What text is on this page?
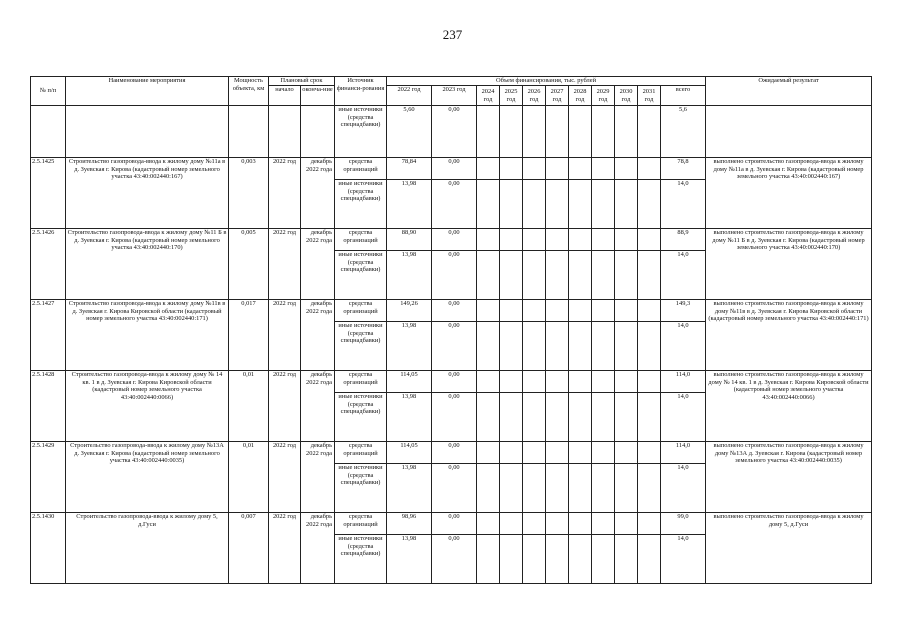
237
№ п/п	Наименование мероприятия	Мощность объекта, км	Плановый срок		Источник финанси-рования	Объем финансирования, тыс. рублей											Ожидаемый результат
			начало	оконча-ние		2022 год	2023 год	2024 год	2025 год	2026 год	2027 год	2028 год	2029 год	2030 год	2031 год	всего	
					иные источники (средства спецнадбавки)	5,60	0,00									5,6	
2.5.1425	Строительство газопровода-ввода к жилому дому №11а в д. Зуевская г. Кирова (кадастровый номер земельного участка 43:40:002440:167)	0,003	2022 год	декабрь 2022 года	средства организаций	78,84	0,00									78,8	выполнено строительство газопровода-ввода к жилому дому №11а в д. Зуевская г. Кирова (кадастровый номер земельного участка 43:40:002440:167)
					иные источники (средства спецнадбавки)	13,98	0,00									14,0	
2.5.1426	Строительство газопровода-ввода к жилому дому №11 Б в д. Зуевская г. Кирова (кадастровый номер земельного участка 43:40:002440:170)	0,005	2022 год	декабрь 2022 года	средства организаций	88,90	0,00									88,9	выполнено строительство газопровода-ввода к жилому дому №11 Б в д. Зуевская г. Кирова (кадастровый номер земельного участка 43:40:002440:170)
					иные источники (средства спецнадбавки)	13,98	0,00									14,0	
2.5.1427	Строительство газопровода-ввода к жилому дому №11в в д. Зуевская г. Кирова Кировской области (кадастровый номер земельного участка 43:40:002440:171)	0,017	2022 год	декабрь 2022 года	средства организаций	149,26	0,00									149,3	выполнено строительство газопровода-ввода к жилому дому №11в в д. Зуевская г. Кирова Кировской области (кадастровый номер земельного участка 43:40:002440:171)
					иные источники (средства спецнадбавки)	13,98	0,00									14,0	
2.5.1428	Строительство газопровода-ввода к жилому дому № 14 кв. 1 в д. Зуевская г. Кирова Кировской области (кадастровый номер земельного участка 43:40:002440:0066)	0,01	2022 год	декабрь 2022 года	средства организаций	114,05	0,00									114,0	выполнено строительство газопровода-ввода к жилому дому № 14 кв. 1 в д. Зуевская г. Кирова Кировской области (кадастровый номер земельного участка 43:40:002440:0066)
					иные источники (средства спецнадбавки)	13,98	0,00									14,0	
2.5.1429	Строительство газопровода-ввода к жилому дому №13А д. Зуевская г. Кирова (кадастровый номер земельного участка 43:40:002440:0035)	0,01	2022 год	декабрь 2022 года	средства организаций	114,05	0,00									114,0	выполнено строительство газопровода-ввода к жилому дому №13А д. Зуевская г. Кирова (кадастровый номер земельного участка 43:40:002440:0035)
					иные источники (средства спецнадбавки)	13,98	0,00									14,0	
2.5.1430	Строительство газопровода-ввода к жилому дому 5, д.Гуси	0,007	2022 год	декабрь 2022 года	средства организаций	98,96	0,00									99,0	выполнено строительство газопровода-ввода к жилому дому 5, д.Гуси
					иные источники (средства спецнадбавки)	13,98	0,00									14,0	
